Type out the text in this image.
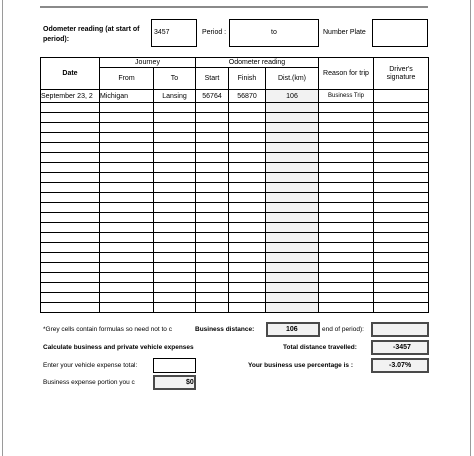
Odometer reading (at start of period):
3457	Period :	to	Number Plate
Date	Journey		Odometer reading			Reason for trip	Driver's signature
	From	To	Start	Finish	Dist.(km)		
September 23, 2	Michigan	Lansing	56764	56870	106	Business Trip	

*Grey cells contain formulas so need not to c	Business distance:	106	end of period):
Calculate business and private vehicle expenses	Total distance travelled:	-3457
Enter your vehicle expense total:	Your business use percentage is :	-3.07%
Business expense portion you c	$0
